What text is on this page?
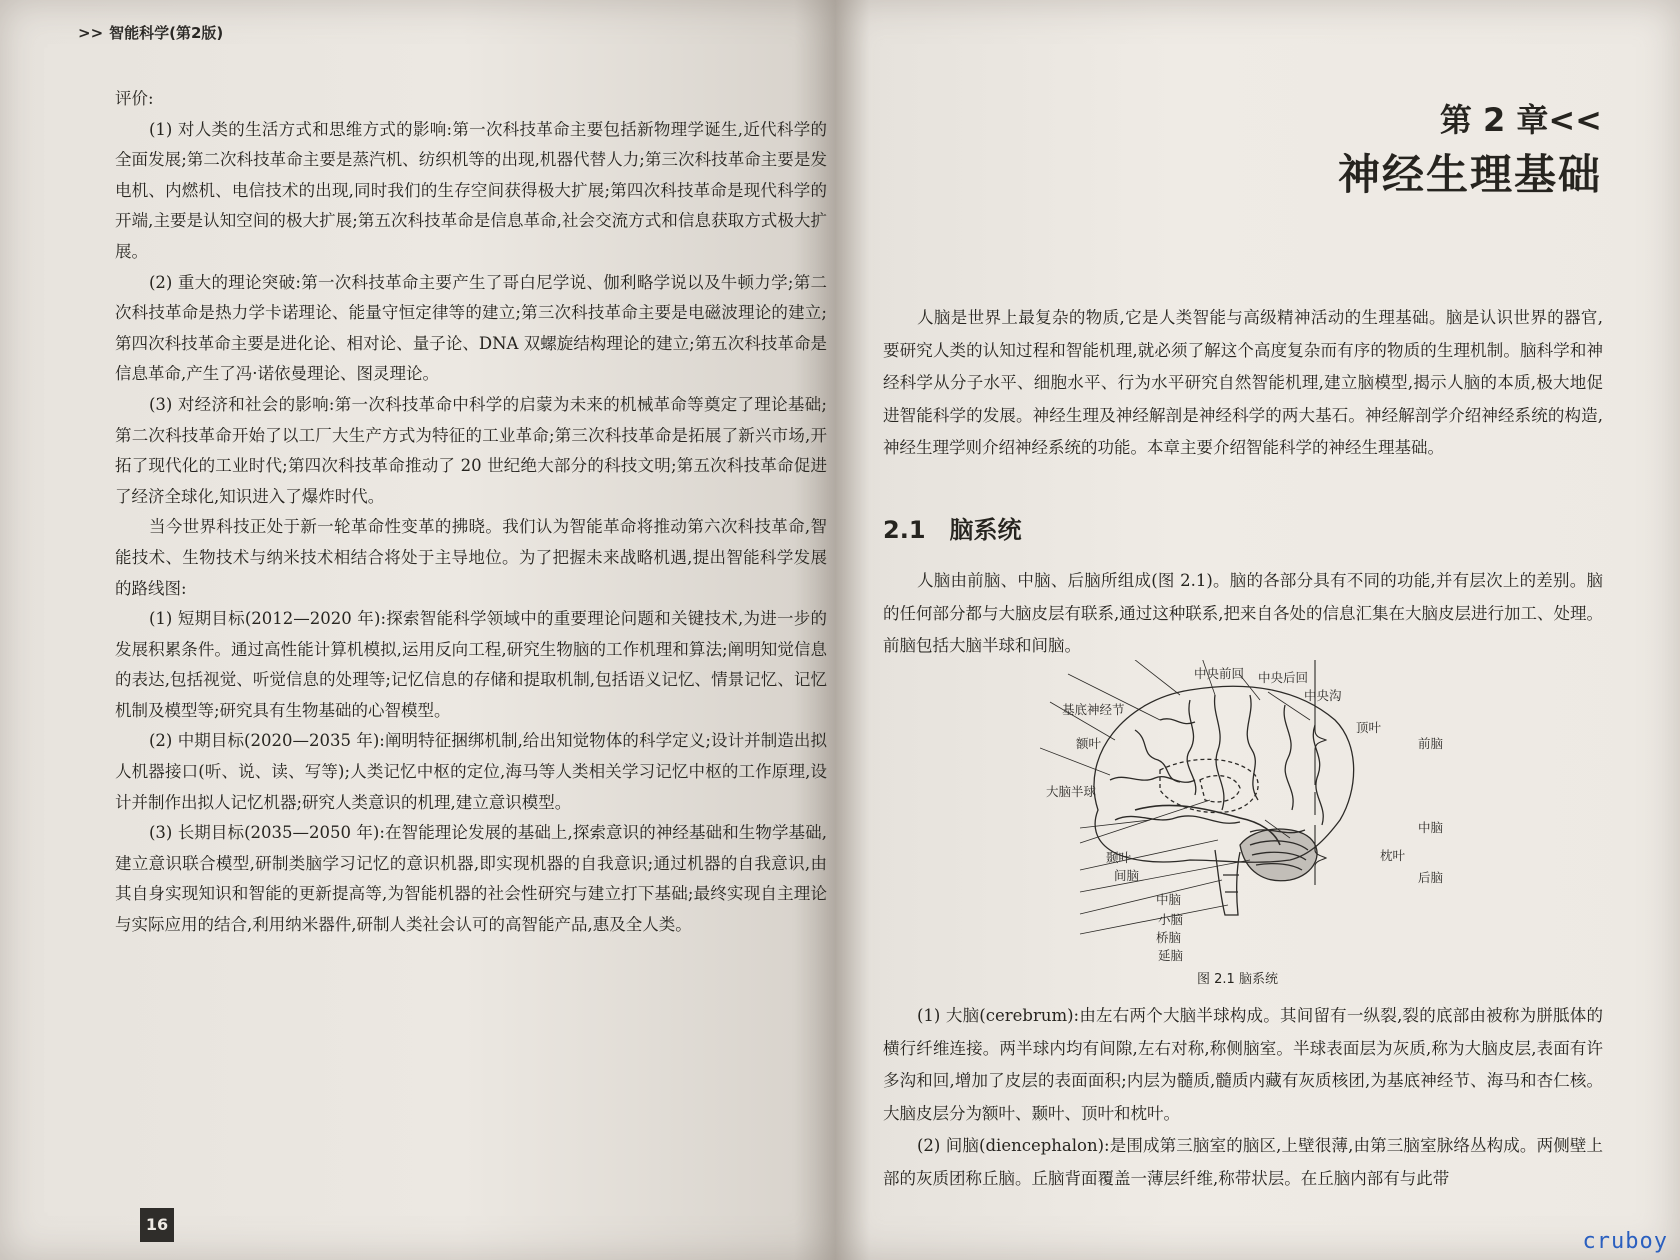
>> 智能科学(第2版)

评价:

(1) 对人类的生活方式和思维方式的影响:第一次科技革命主要包括新物理学诞生,近代科学的全面发展;第二次科技革命主要是蒸汽机、纺织机等的出现,机器代替人力;第三次科技革命主要是发电机、内燃机、电信技术的出现,同时我们的生存空间获得极大扩展;第四次科技革命是现代科学的开端,主要是认知空间的极大扩展;第五次科技革命是信息革命,社会交流方式和信息获取方式极大扩展。

(2) 重大的理论突破:第一次科技革命主要产生了哥白尼学说、伽利略学说以及牛顿力学;第二次科技革命是热力学卡诺理论、能量守恒定律等的建立;第三次科技革命主要是电磁波理论的建立;第四次科技革命主要是进化论、相对论、量子论、DNA 双螺旋结构理论的建立;第五次科技革命是信息革命,产生了冯·诺依曼理论、图灵理论。

(3) 对经济和社会的影响:第一次科技革命中科学的启蒙为未来的机械革命等奠定了理论基础;第二次科技革命开始了以工厂大生产方式为特征的工业革命;第三次科技革命是拓展了新兴市场,开拓了现代化的工业时代;第四次科技革命推动了 20 世纪绝大部分的科技文明;第五次科技革命促进了经济全球化,知识进入了爆炸时代。

当今世界科技正处于新一轮革命性变革的拂晓。我们认为智能革命将推动第六次科技革命,智能技术、生物技术与纳米技术相结合将处于主导地位。为了把握未来战略机遇,提出智能科学发展的路线图:

(1) 短期目标(2012—2020 年):探索智能科学领域中的重要理论问题和关键技术,为进一步的发展积累条件。通过高性能计算机模拟,运用反向工程,研究生物脑的工作机理和算法;阐明知觉信息的表达,包括视觉、听觉信息的处理等;记忆信息的存储和提取机制,包括语义记忆、情景记忆、记忆机制及模型等;研究具有生物基础的心智模型。

(2) 中期目标(2020—2035 年):阐明特征捆绑机制,给出知觉物体的科学定义;设计并制造出拟人机器接口(听、说、读、写等);人类记忆中枢的定位,海马等人类相关学习记忆中枢的工作原理,设计并制作出拟人记忆机器;研究人类意识的机理,建立意识模型。

(3) 长期目标(2035—2050 年):在智能理论发展的基础上,探索意识的神经基础和生物学基础,建立意识联合模型,研制类脑学习记忆的意识机器,即实现机器的自我意识;通过机器的自我意识,由其自身实现知识和智能的更新提高等,为智能机器的社会性研究与建立打下基础;最终实现自主理论与实际应用的结合,利用纳米器件,研制人类社会认可的高智能产品,惠及全人类。

16
第 2 章<<
神经生理基础

人脑是世界上最复杂的物质,它是人类智能与高级精神活动的生理基础。脑是认识世界的器官,要研究人类的认知过程和智能机理,就必须了解这个高度复杂而有序的物质的生理机制。脑科学和神经科学从分子水平、细胞水平、行为水平研究自然智能机理,建立脑模型,揭示人脑的本质,极大地促进智能科学的发展。神经生理及神经解剖是神经科学的两大基石。神经解剖学介绍神经系统的构造,神经生理学则介绍神经系统的功能。本章主要介绍智能科学的神经生理基础。

2.1 脑系统

人脑由前脑、中脑、后脑所组成(图 2.1)。脑的各部分具有不同的功能,并有层次上的差别。脑的任何部分都与大脑皮层有联系,通过这种联系,把来自各处的信息汇集在大脑皮层进行加工、处理。前脑包括大脑半球和间脑。

中央前回 中央后回
中央沟
基底神经节
顶叶
前脑
额叶
大脑半球
中脑
颞叶	枕叶
间脑	后脑
中脑
小脑
桥脑
延脑
图 2.1 脑系统

(1) 大脑(cerebrum):由左右两个大脑半球构成。其间留有一纵裂,裂的底部由被称为胼胝体的横行纤维连接。两半球内均有间隙,左右对称,称侧脑室。半球表面层为灰质,称为大脑皮层,表面有许多沟和回,增加了皮层的表面面积;内层为髓质,髓质内藏有灰质核团,为基底神经节、海马和杏仁核。大脑皮层分为额叶、颞叶、顶叶和枕叶。

(2) 间脑(diencephalon):是围成第三脑室的脑区,上壁很薄,由第三脑室脉络丛构成。两侧壁上部的灰质团称丘脑。丘脑背面覆盖一薄层纤维,称带状层。在丘脑内部有与此带

cruboy
